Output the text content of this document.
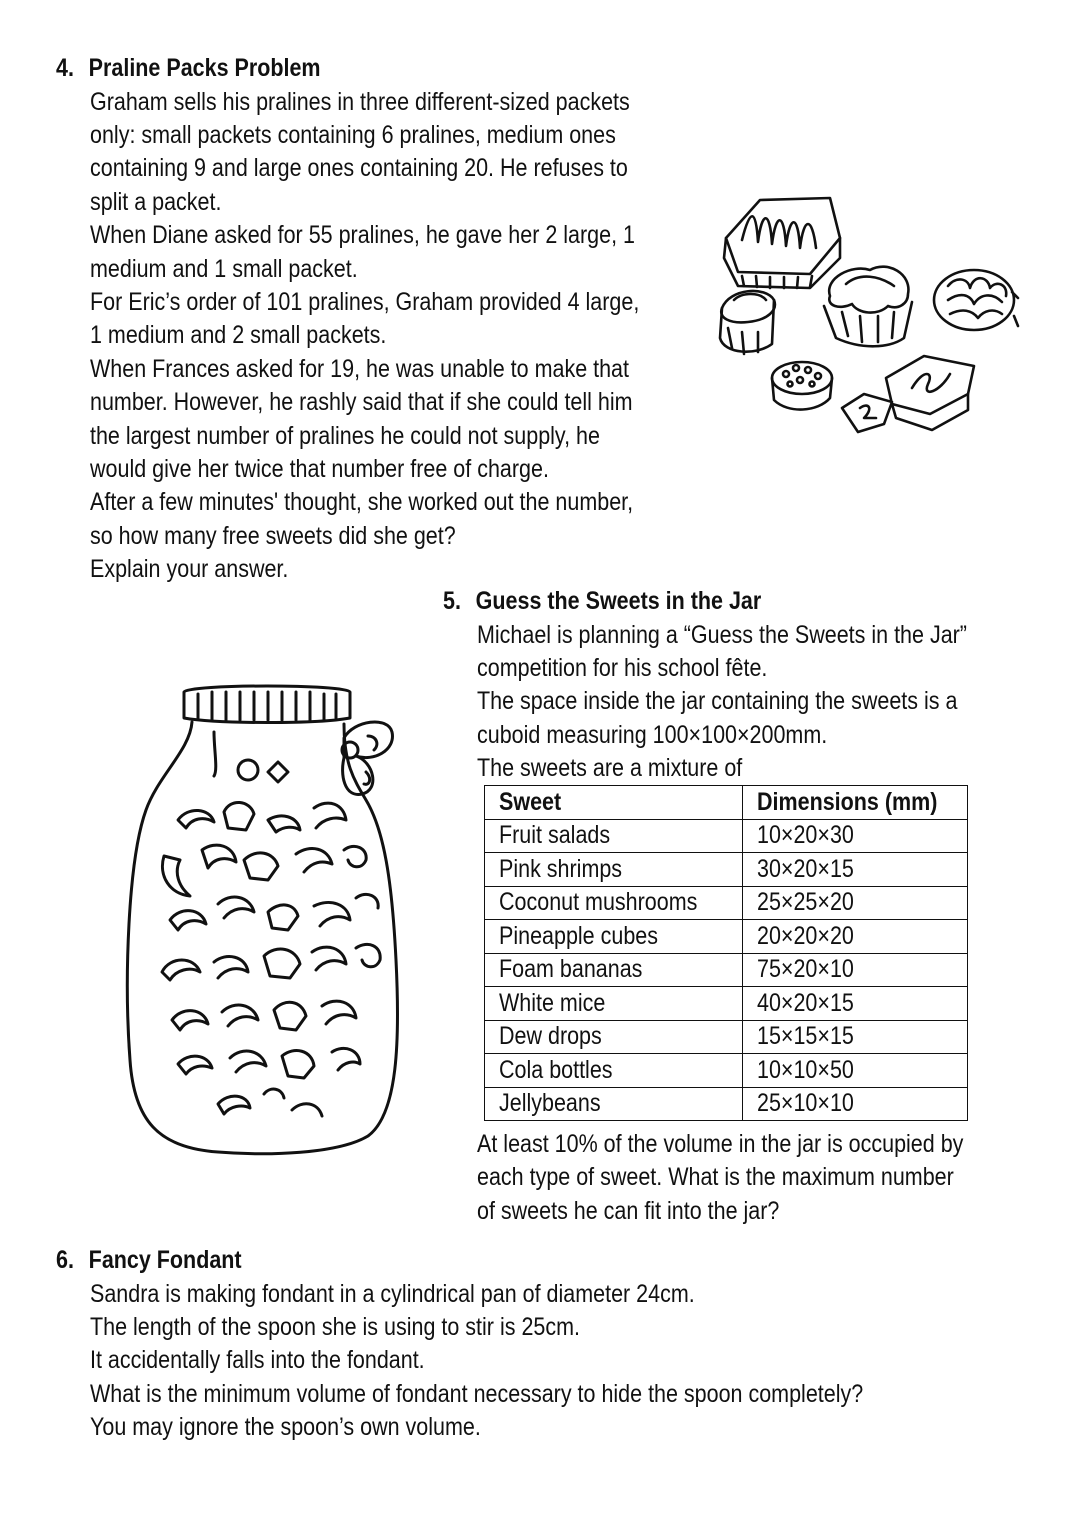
4. Praline Packs Problem
Graham sells his pralines in three different-sized packets
only: small packets containing 6 pralines, medium ones
containing 9 and large ones containing 20. He refuses to
split a packet.
When Diane asked for 55 pralines, he gave her 2 large, 1
medium and 1 small packet.
For Eric’s order of 101 pralines, Graham provided 4 large,
1 medium and 2 small packets.
When Frances asked for 19, he was unable to make that
number. However, he rashly said that if she could tell him
the largest number of pralines he could not supply, he
would give her twice that number free of charge.
After a few minutes' thought, she worked out the number,
so how many free sweets did she get?
Explain your answer.
5. Guess the Sweets in the Jar
Michael is planning a “Guess the Sweets in the Jar”
competition for his school fête.
The space inside the jar containing the sweets is a
cuboid measuring 100×100×200mm.
The sweets are a mixture of
Sweet	Dimensions (mm)
Fruit salads	10×20×30
Pink shrimps	30×20×15
Coconut mushrooms	25×25×20
Pineapple cubes	20×20×20
Foam bananas	75×20×10
White mice	40×20×15
Dew drops	15×15×15
Cola bottles	10×10×50
Jellybeans	25×10×10
At least 10% of the volume in the jar is occupied by
each type of sweet. What is the maximum number
of sweets he can fit into the jar?
6. Fancy Fondant
Sandra is making fondant in a cylindrical pan of diameter 24cm.
The length of the spoon she is using to stir is 25cm.
It accidentally falls into the fondant.
What is the minimum volume of fondant necessary to hide the spoon completely?
You may ignore the spoon’s own volume.
